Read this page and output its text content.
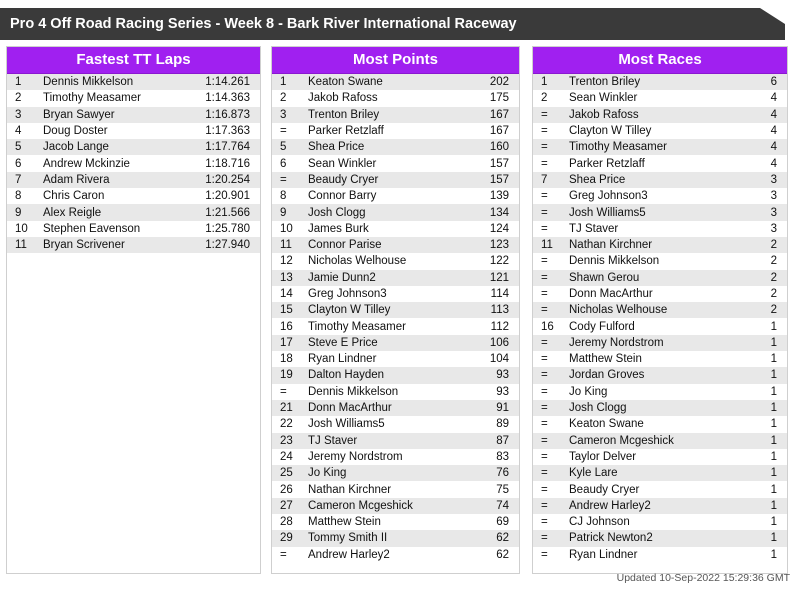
Pro 4 Off Road Racing Series - Week 8 - Bark River International Raceway
Fastest TT Laps
1	Dennis Mikkelson	1:14.261
2	Timothy Measamer	1:14.363
3	Bryan Sawyer	1:16.873
4	Doug Doster	1:17.363
5	Jacob Lange	1:17.764
6	Andrew Mckinzie	1:18.716
7	Adam Rivera	1:20.254
8	Chris Caron	1:20.901
9	Alex Reigle	1:21.566
10	Stephen Eavenson	1:25.780
11	Bryan Scrivener	1:27.940
Most Points
1	Keaton Swane	202
2	Jakob Rafoss	175
3	Trenton Briley	167
=	Parker Retzlaff	167
5	Shea Price	160
6	Sean Winkler	157
=	Beaudy Cryer	157
8	Connor Barry	139
9	Josh Clogg	134
10	James Burk	124
11	Connor Parise	123
12	Nicholas Welhouse	122
13	Jamie Dunn2	121
14	Greg Johnson3	114
15	Clayton W Tilley	113
16	Timothy Measamer	112
17	Steve E Price	106
18	Ryan Lindner	104
19	Dalton Hayden	93
=	Dennis Mikkelson	93
21	Donn MacArthur	91
22	Josh Williams5	89
23	TJ Staver	87
24	Jeremy Nordstrom	83
25	Jo King	76
26	Nathan Kirchner	75
27	Cameron Mcgeshick	74
28	Matthew Stein	69
29	Tommy Smith II	62
=	Andrew Harley2	62
Most Races
1	Trenton Briley	6
2	Sean Winkler	4
=	Jakob Rafoss	4
=	Clayton W Tilley	4
=	Timothy Measamer	4
=	Parker Retzlaff	4
7	Shea Price	3
=	Greg Johnson3	3
=	Josh Williams5	3
=	TJ Staver	3
11	Nathan Kirchner	2
=	Dennis Mikkelson	2
=	Shawn Gerou	2
=	Donn MacArthur	2
=	Nicholas Welhouse	2
16	Cody Fulford	1
=	Jeremy Nordstrom	1
=	Matthew Stein	1
=	Jordan Groves	1
=	Jo King	1
=	Josh Clogg	1
=	Keaton Swane	1
=	Cameron Mcgeshick	1
=	Taylor Delver	1
=	Kyle Lare	1
=	Beaudy Cryer	1
=	Andrew Harley2	1
=	CJ Johnson	1
=	Patrick Newton2	1
=	Ryan Lindner	1
Updated 10-Sep-2022 15:29:36 GMT
